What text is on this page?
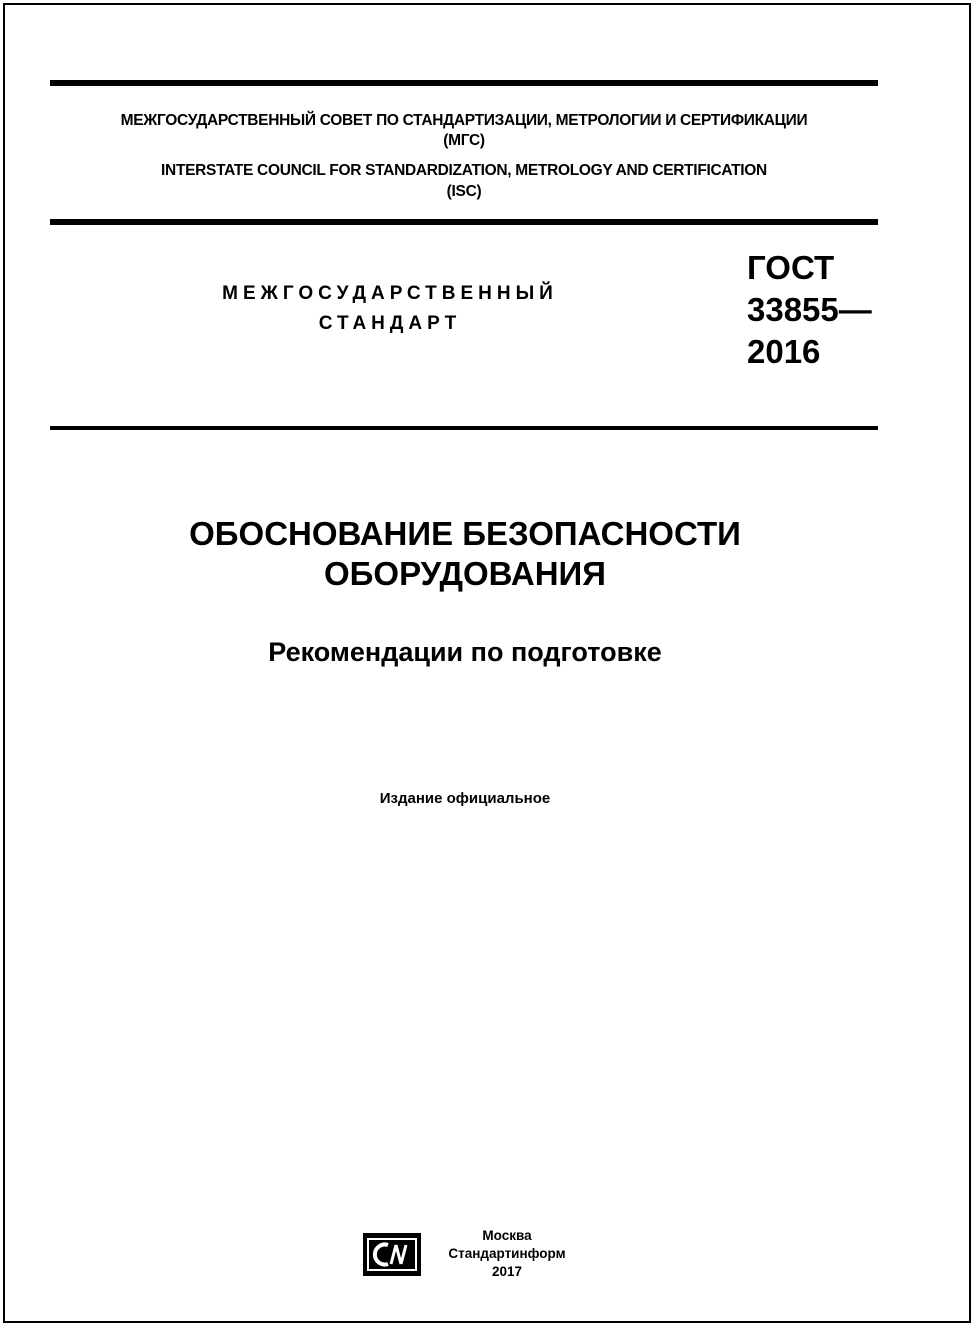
МЕЖГОСУДАРСТВЕННЫЙ СОВЕТ ПО СТАНДАРТИЗАЦИИ, МЕТРОЛОГИИ И СЕРТИФИКАЦИИ
(МГС)
INTERSTATE COUNCIL FOR STANDARDIZATION, METROLOGY AND CERTIFICATION
(ISC)
МЕЖГОСУДАРСТВЕННЫЙ
СТАНДАРТ
ГОСТ
33855—
2016
ОБОСНОВАНИЕ БЕЗОПАСНОСТИ
ОБОРУДОВАНИЯ
Рекомендации по подготовке
Издание официальное
Москва
Стандартинформ
2017
